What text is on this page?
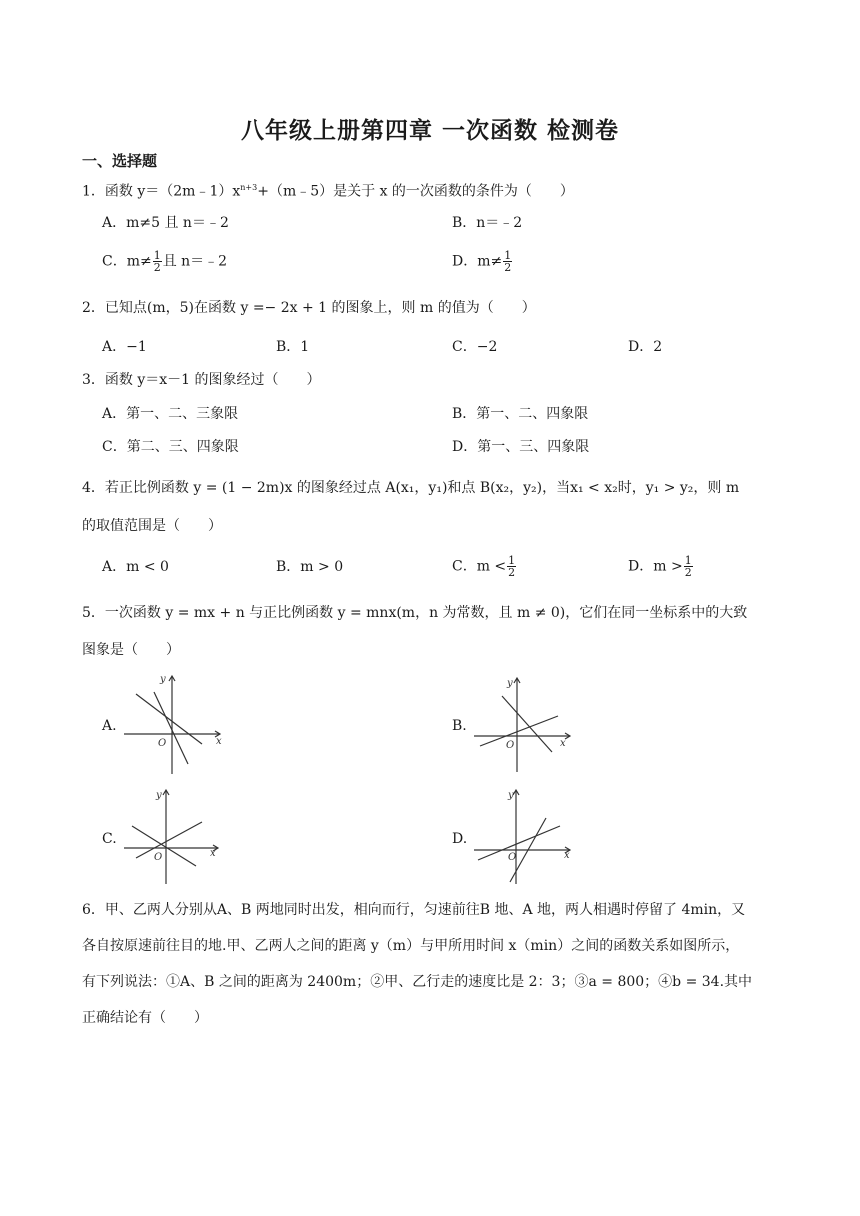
八年级上册第四章 一次函数 检测卷
一、选择题
1．函数 $y=(2m﹣1)x^{n+3}+(m﹣5)$是关于 x 的一次函数的条件为（　　）
A．m≠5 且 n＝﹣2	B．n＝﹣2
C．$m\ne \frac{1}{2}$ 且 n＝﹣2	D．$m\ne \frac{1}{2}$
2．已知点(m，5)在函数 y =− 2x + 1 的图象上，则 m 的值为（　　）
A．−1	B．1	C．−2	D．2
3．函数 y＝x－1 的图象经过（　　）
A．第一、二、三象限	B．第一、二、四象限
C．第二、三、四象限	D．第一、三、四象限
4．若正比例函数 y = (1 − 2m)x 的图象经过点 A(x₁，y₁)和点 B(x₂，y₂)，当x₁ < x₂时，y₁ > y₂，则 m
的取值范围是（　　）
A．m < 0	B．m > 0	C．$m < \frac{1}{2}$	D．$m > \frac{1}{2}$
5．一次函数 y = mx + n 与正比例函数 y = mnx(m，n 为常数，且 m ≠ 0)，它们在同一坐标系中的大致
图象是（　　）
A.	B.
C.	D.
y
x
O
y
x
O
y
x
O
y
x
O
6．甲、乙两人分别从A、B 两地同时出发，相向而行，匀速前往B 地、A 地，两人相遇时停留了 4min，又
各自按原速前往目的地.甲、乙两人之间的距离 y（m）与甲所用时间 x（min）之间的函数关系如图所示，
有下列说法：①A、B 之间的距离为 2400m；②甲、乙行走的速度比是 2：3；③a = 800；④b = 34.其中
正确结论有（　　）
